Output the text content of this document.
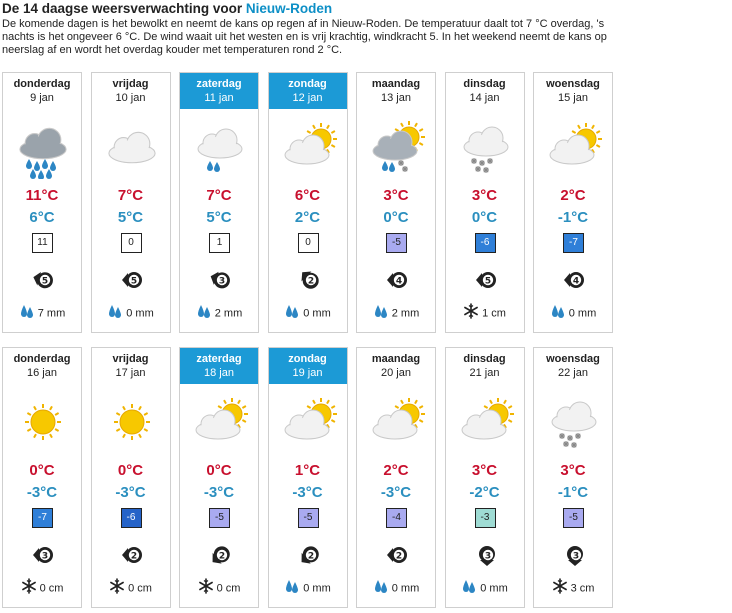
De 14 daagse weersverwachting voor Nieuw-Roden
De komende dagen is het bewolkt en neemt de kans op regen af in Nieuw-Roden. De temperatuur daalt tot 7 °C overdag, 's nachts is het ongeveer 6 °C. De wind waait uit het westen en is vrij krachtig, windkracht 5. In het weekend neemt de kans op neerslag af en wordt het overdag kouder met temperaturen rond 2 °C.
donderdag
9 jan
11°C
6°C
11
5
7 mm
vrijdag
10 jan
7°C
5°C
0
5
0 mm
zaterdag
11 jan
7°C
5°C
1
3
2 mm
zondag
12 jan
6°C
2°C
0
2
0 mm
maandag
13 jan
3°C
0°C
-5
4
2 mm
dinsdag
14 jan
3°C
0°C
-6
5
1 cm
woensdag
15 jan
2°C
-1°C
-7
4
0 mm
donderdag
16 jan
0°C
-3°C
-7
3
0 cm
vrijdag
17 jan
0°C
-3°C
-6
2
0 cm
zaterdag
18 jan
0°C
-3°C
-5
2
0 cm
zondag
19 jan
1°C
-3°C
-5
2
0 mm
maandag
20 jan
2°C
-3°C
-4
2
0 mm
dinsdag
21 jan
3°C
-2°C
-3
3
0 mm
woensdag
22 jan
3°C
-1°C
-5
3
3 cm
